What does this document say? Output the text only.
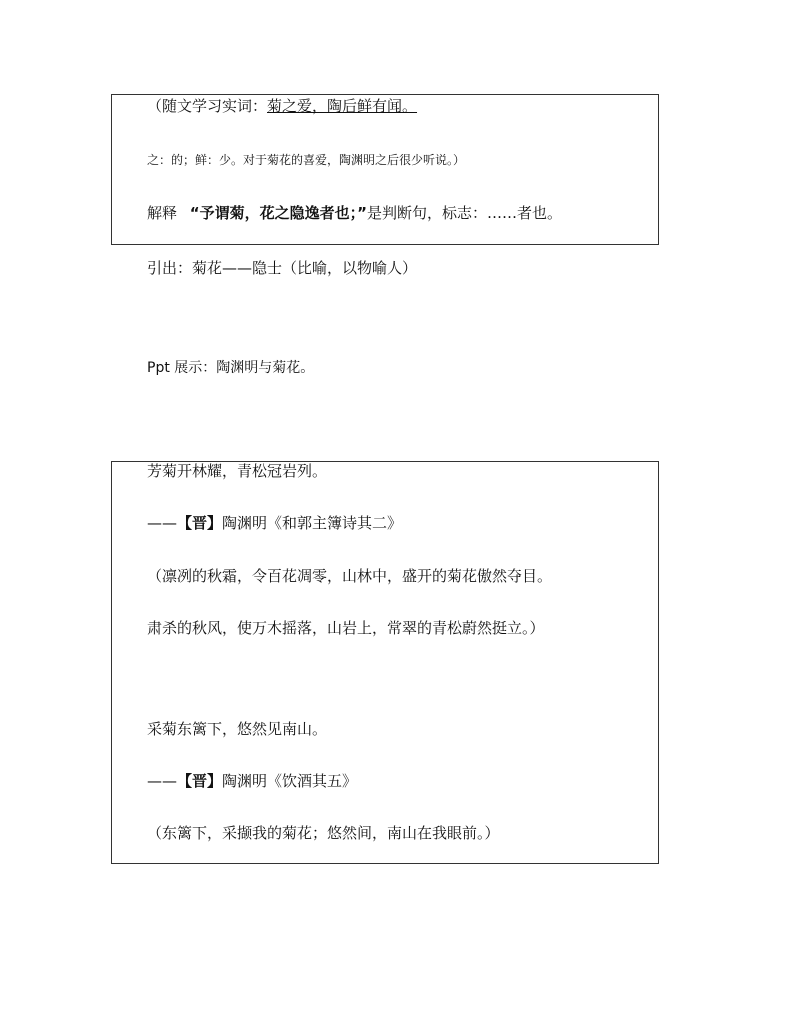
（随文学习实词：菊之爱，陶后鲜有闻。
之：的；鲜：少。对于菊花的喜爱，陶渊明之后很少听说。）
解释 “予谓菊，花之隐逸者也；”是判断句，标志：……者也。
引出：菊花——隐士（比喻，以物喻人）
Ppt 展示：陶渊明与菊花。
芳菊开林耀，青松冠岩列。
——【晋】陶渊明《和郭主簿诗其二》
（凛冽的秋霜，令百花凋零，山林中，盛开的菊花傲然夺目。
肃杀的秋风，使万木摇落，山岩上，常翠的青松蔚然挺立。）
采菊东篱下，悠然见南山。
——【晋】陶渊明《饮酒其五》
（东篱下，采撷我的菊花；悠然间，南山在我眼前。）
